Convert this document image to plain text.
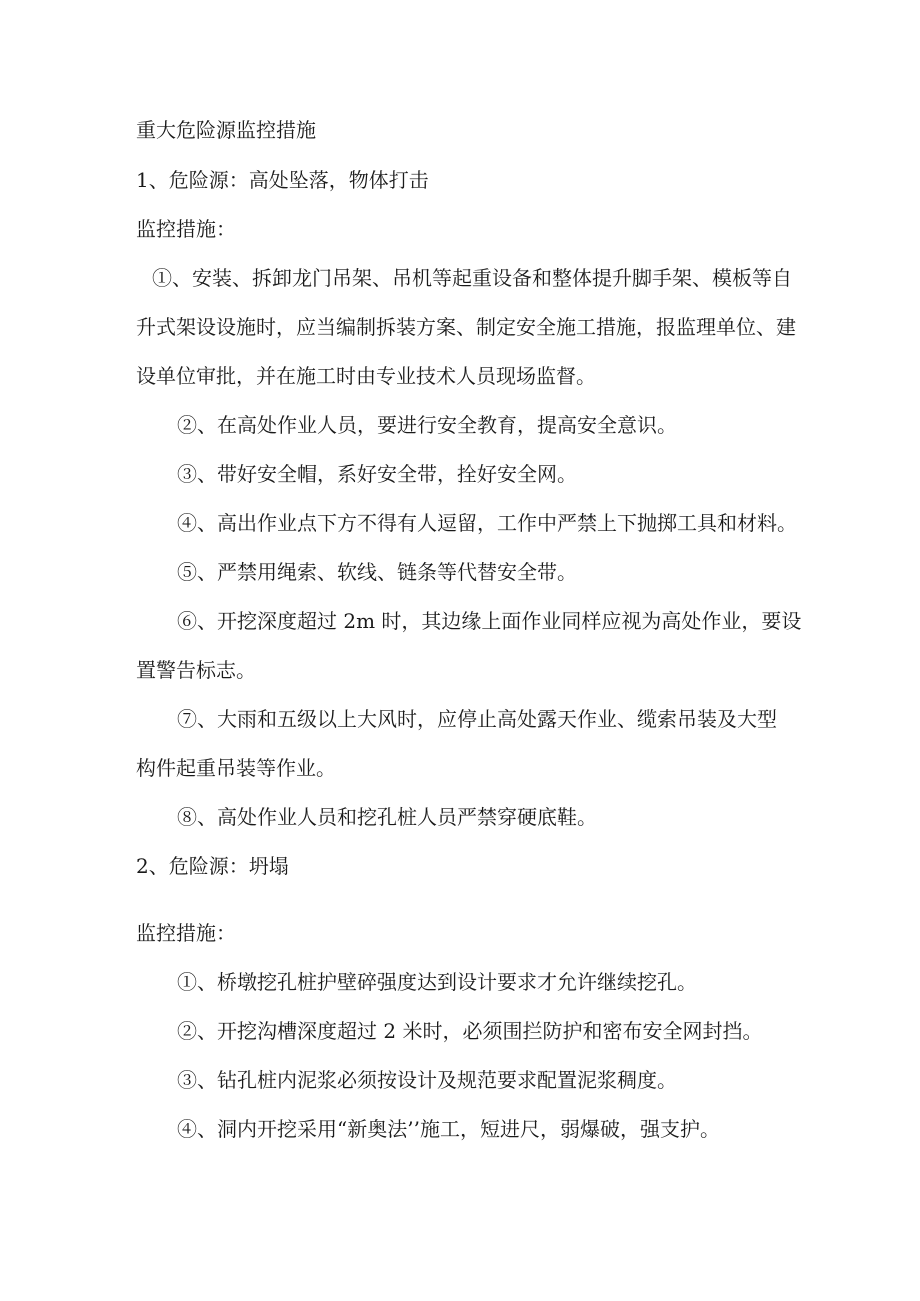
重大危险源监控措施
1、危险源：高处坠落，物体打击
监控措施：
①、安装、拆卸龙门吊架、吊机等起重设备和整体提升脚手架、模板等自
升式架设设施时，应当编制拆装方案、制定安全施工措施，报监理单位、建
设单位审批，并在施工时由专业技术人员现场监督。
②、在高处作业人员，要进行安全教育，提高安全意识。
③、带好安全帽，系好安全带，拴好安全网。
④、高出作业点下方不得有人逗留，工作中严禁上下抛掷工具和材料。
⑤、严禁用绳索、软线、链条等代替安全带。
⑥、开挖深度超过 2m 时，其边缘上面作业同样应视为高处作业，要设
置警告标志。
⑦、大雨和五级以上大风时，应停止高处露天作业、缆索吊装及大型
构件起重吊装等作业。
⑧、高处作业人员和挖孔桩人员严禁穿硬底鞋。
2、危险源：坍塌
监控措施：
①、桥墩挖孔桩护壁碎强度达到设计要求才允许继续挖孔。
②、开挖沟槽深度超过 2 米时，必须围拦防护和密布安全网封挡。
③、钻孔桩内泥浆必须按设计及规范要求配置泥浆稠度。
④、洞内开挖采用“新奥法’’施工，短进尺，弱爆破，强支护。
